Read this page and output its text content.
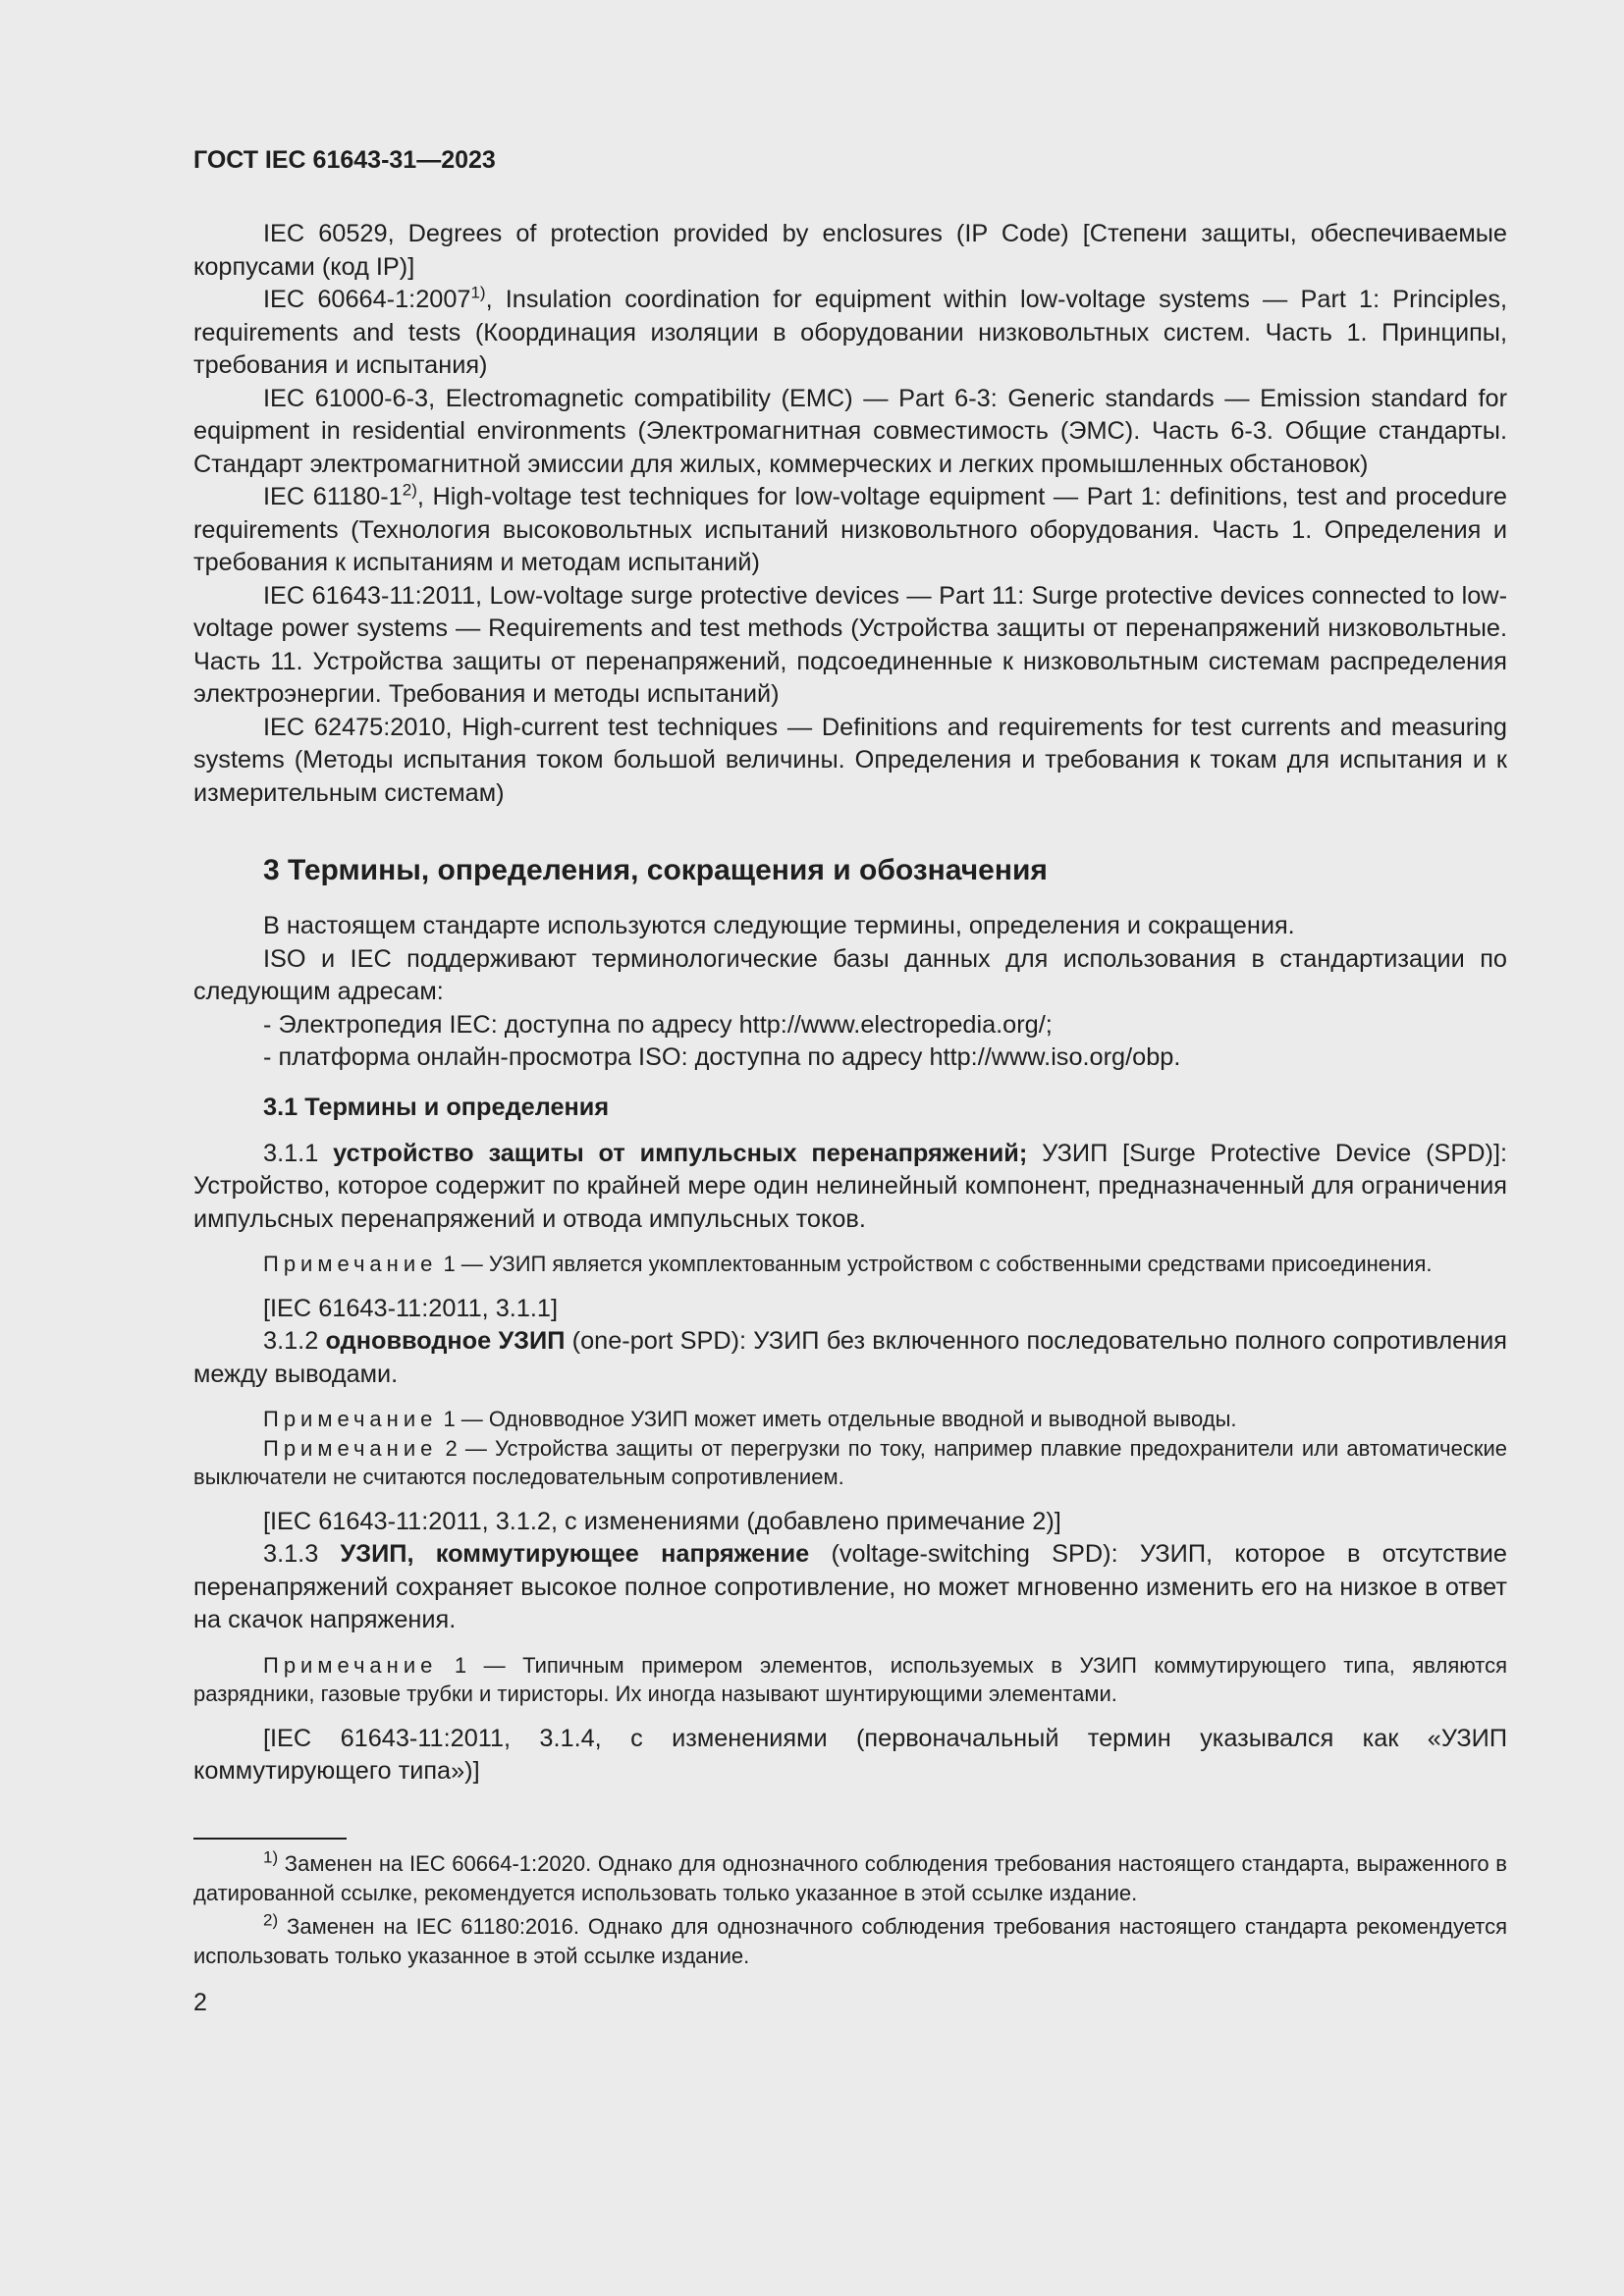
ГОСТ IEC 61643-31—2023

IEC 60529, Degrees of protection provided by enclosures (IP Code) [Степени защиты, обеспечиваемые корпусами (код IP)]

IEC 60664-1:2007$^{1)}$, Insulation coordination for equipment within low-voltage systems — Part 1: Principles, requirements and tests (Координация изоляции в оборудовании низковольтных систем. Часть 1. Принципы, требования и испытания)

IEC 61000-6-3, Electromagnetic compatibility (EMC) — Part 6-3: Generic standards — Emission standard for equipment in residential environments (Электромагнитная совместимость (ЭМС). Часть 6-3. Общие стандарты. Стандарт электромагнитной эмиссии для жилых, коммерческих и легких промышленных обстановок)

IEC 61180-1$^{2)}$, High-voltage test techniques for low-voltage equipment — Part 1: definitions, test and procedure requirements (Технология высоковольтных испытаний низковольтного оборудования. Часть 1. Определения и требования к испытаниям и методам испытаний)

IEC 61643-11:2011, Low-voltage surge protective devices — Part 11: Surge protective devices connected to low-voltage power systems — Requirements and test methods (Устройства защиты от перенапряжений низковольтные. Часть 11. Устройства защиты от перенапряжений, подсоединенные к низковольтным системам распределения электроэнергии. Требования и методы испытаний)

IEC 62475:2010, High-current test techniques — Definitions and requirements for test currents and measuring systems (Методы испытания током большой величины. Определения и требования к токам для испытания и к измерительным системам)

3 Термины, определения, сокращения и обозначения

В настоящем стандарте используются следующие термины, определения и сокращения.

ISO и IEC поддерживают терминологические базы данных для использования в стандартизации по следующим адресам:

- Электропедия IEC: доступна по адресу http://www.electropedia.org/;

- платформа онлайн-просмотра ISO: доступна по адресу http://www.iso.org/obp.

3.1 Термины и определения

3.1.1 устройство защиты от импульсных перенапряжений; УЗИП [Surge Protective Device (SPD)]: Устройство, которое содержит по крайней мере один нелинейный компонент, предназначенный для ограничения импульсных перенапряжений и отвода импульсных токов.

Примечание 1 — УЗИП является укомплектованным устройством с собственными средствами присоединения.

[IEC 61643-11:2011, 3.1.1]

3.1.2 одновводное УЗИП (one-port SPD): УЗИП без включенного последовательно полного сопротивления между выводами.

Примечание 1 — Одновводное УЗИП может иметь отдельные вводной и выводной выводы.

Примечание 2 — Устройства защиты от перегрузки по току, например плавкие предохранители или автоматические выключатели не считаются последовательным сопротивлением.

[IEC 61643-11:2011, 3.1.2, с изменениями (добавлено примечание 2)]

3.1.3 УЗИП, коммутирующее напряжение (voltage-switching SPD): УЗИП, которое в отсутствие перенапряжений сохраняет высокое полное сопротивление, но может мгновенно изменить его на низкое в ответ на скачок напряжения.

Примечание 1 — Типичным примером элементов, используемых в УЗИП коммутирующего типа, являются разрядники, газовые трубки и тиристоры. Их иногда называют шунтирующими элементами.

[IEC 61643-11:2011, 3.1.4, с изменениями (первоначальный термин указывался как «УЗИП коммутирующего типа»)]

$^{1)}$ Заменен на IEC 60664-1:2020. Однако для однозначного соблюдения требования настоящего стандарта, выраженного в датированной ссылке, рекомендуется использовать только указанное в этой ссылке издание.

$^{2)}$ Заменен на IEC 61180:2016. Однако для однозначного соблюдения требования настоящего стандарта рекомендуется использовать только указанное в этой ссылке издание.

2
